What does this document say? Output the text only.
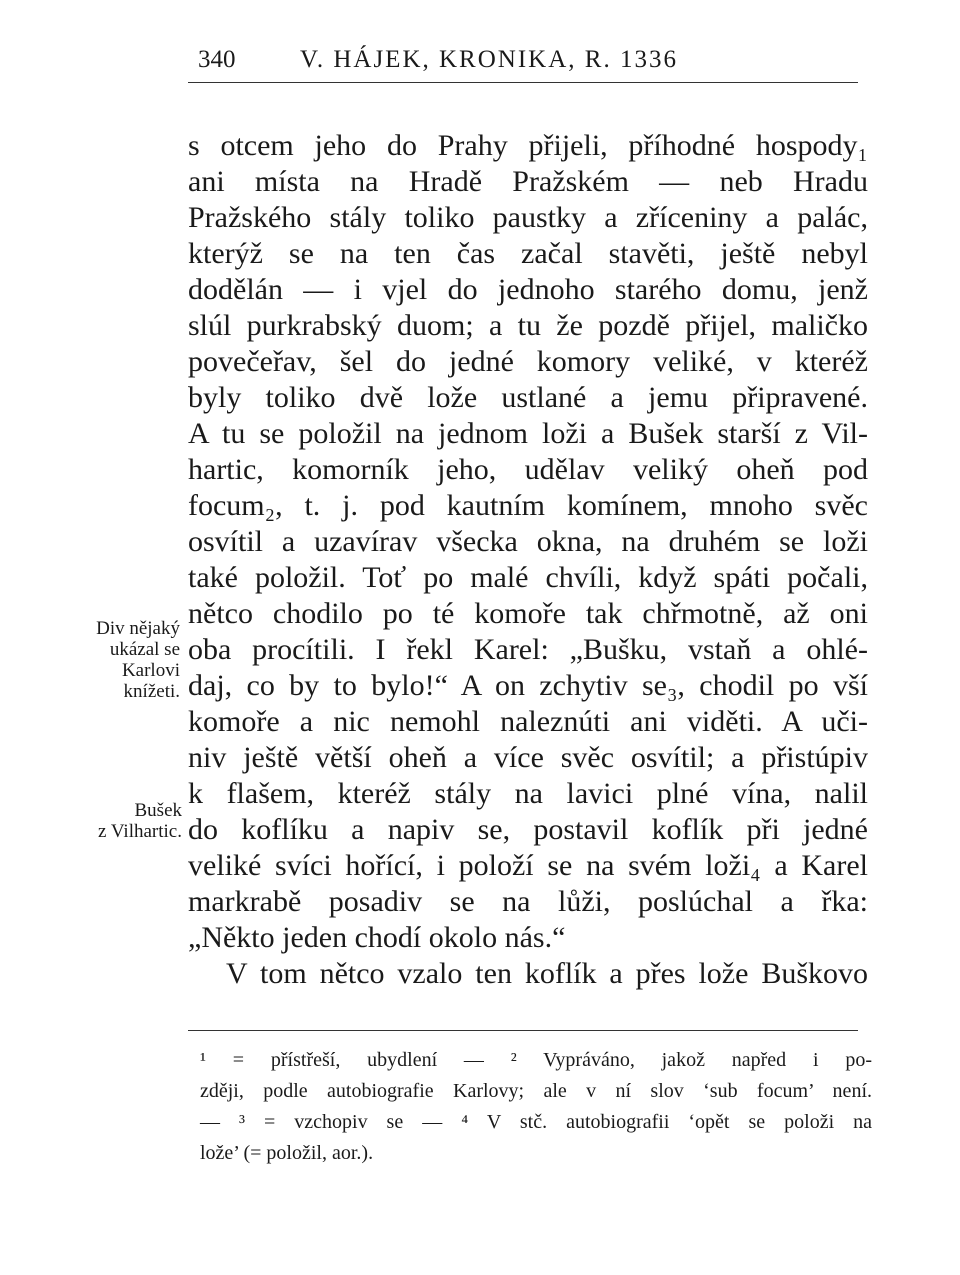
340	V. HÁJEK, KRONIKA, R. 1336
s otcem jeho do Prahy přijeli, příhodné hospody₁
ani místa na Hradě Pražském — neb Hradu
Pražského stály toliko paustky a zříceniny a palác,
kterýž se na ten čas začal stavěti, ještě nebyl
dodělán — i vjel do jednoho starého domu, jenž
slúl purkrabský duom; a tu že pozdě přijel, maličko
povečeřav, šel do jedné komory veliké, v kteréž
byly toliko dvě lože ustlané a jemu připravené.
A tu se položil na jednom loži a Bušek starší z Vil-
hartic, komorník jeho, udělav veliký oheň pod
focum₂, t. j. pod kautním komínem, mnoho svěc
osvítil a uzavírav všecka okna, na druhém se loži
také položil. Toť po malé chvíli, když spáti počali,
nětco chodilo po té komoře tak chřmotně, až oni
oba procítili. I řekl Karel: „Bušku, vstaň a ohlé-
daj, co by to bylo!“ A on zchytiv se₃, chodil po vší
komoře a nic nemohl naleznúti ani viděti. A uči-
niv ještě větší oheň a více svěc osvítil; a přistúpiv
k flašem, kteréž stály na lavici plné vína, nalil
do koflíku a napiv se, postavil koflík při jedné
veliké svíci hořící, i položí se na svém loži₄ a Karel
markrabě posadiv se na lůži, poslúchal a řka:
„Někto jeden chodí okolo nás.“
V tom nětco vzalo ten koflík a přes lože Buškovo
Div nějaký
ukázal se
Karlovi
knížeti.
Bušek
z Vilhartic.
¹ = přístřeší, ubydlení — ² Vypráváno, jakož napřed i po-
zději, podle autobiografie Karlovy; ale v ní slov ‘sub focum’ není.
— ³ = vzchopiv se — ⁴ V stč. autobiografii ‘opět se položi na
lože’ (= položil, aor.).
